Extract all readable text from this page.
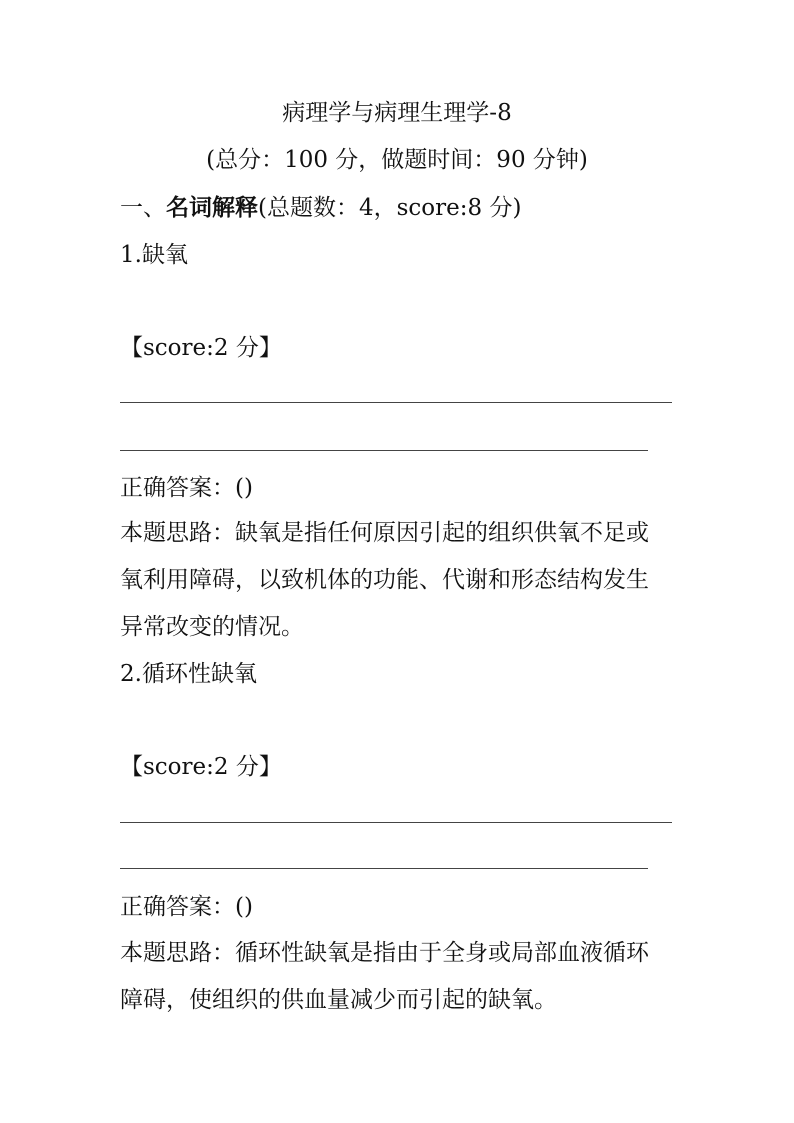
病理学与病理生理学-8
(总分：100 分，做题时间：90 分钟)
一、名词解释(总题数：4，score:8 分)
1.缺氧
【score:2 分】
正确答案：()
本题思路：缺氧是指任何原因引起的组织供氧不足或
氧利用障碍，以致机体的功能、代谢和形态结构发生
异常改变的情况。
2.循环性缺氧
【score:2 分】
正确答案：()
本题思路：循环性缺氧是指由于全身或局部血液循环
障碍，使组织的供血量减少而引起的缺氧。
